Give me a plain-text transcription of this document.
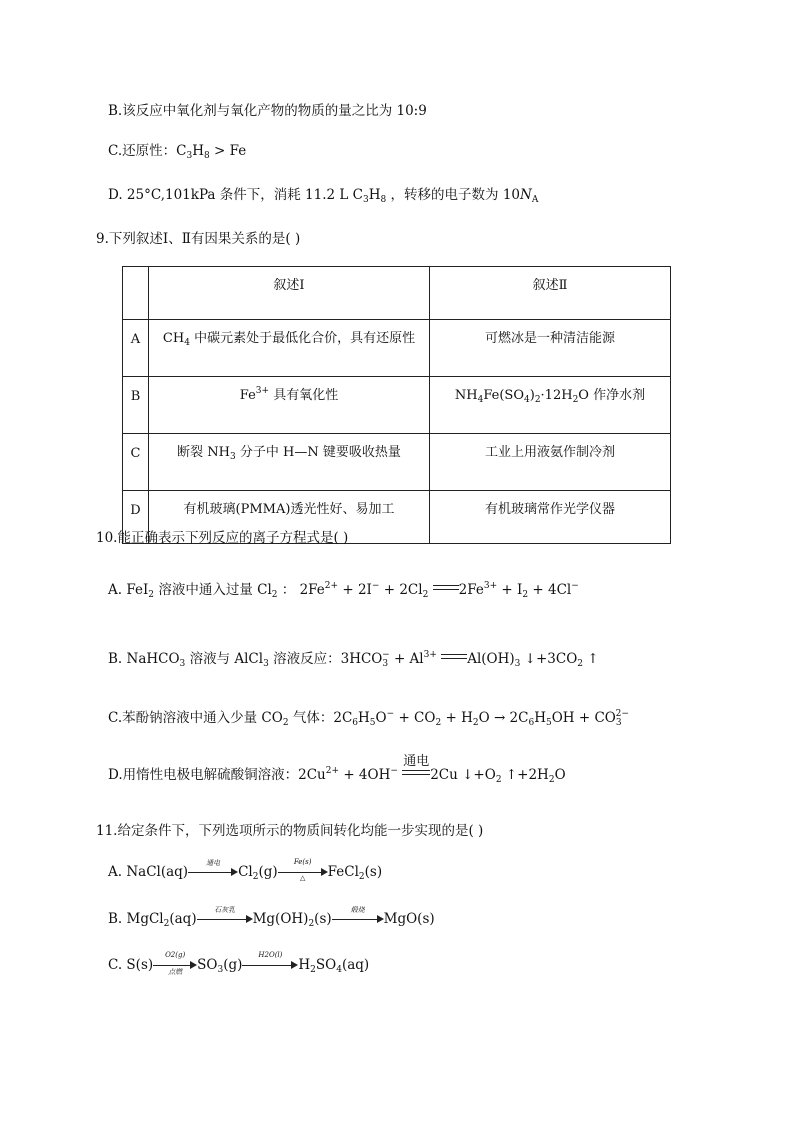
B.该反应中氧化剂与氧化产物的物质的量之比为 10:9
C.还原性：$C_3H_8 > Fe$
D. 25°C,101kPa 条件下，消耗 11.2 L $C_3H_8$ ，转移的电子数为 $10N_A$
9.下列叙述Ⅰ、Ⅱ有因果关系的是( )
	叙述Ⅰ	叙述Ⅱ
A	$CH_4$ 中碳元素处于最低化合价，具有还原性	可燃冰是一种清洁能源
B	$Fe^{3+}$ 具有氧化性	$NH_4Fe(SO_4)_2\cdot 12H_2O$ 作净水剂
C	断裂 $NH_3$ 分子中 H—N 键要吸收热量	工业上用液氨作制冷剂
D	有机玻璃(PMMA)透光性好、易加工	有机玻璃常作光学仪器
10.能正确表示下列反应的离子方程式是( )
A. FeI$_2$ 溶液中通入过量 $Cl_2$ ： $2Fe^{2+} + 2I^- + 2Cl_2$ $2Fe^{3+} + I_2 + 4Cl^-$
B. NaHCO$_3$ 溶液与 AlCl$_3$ 溶液反应：$3HCO_3^- + Al^{3+}$ $Al(OH)_3$ $↓+3CO_2$ ↑
C.苯酚钠溶液中通入少量 $CO_2$ 气体：$2C_6H_5O^- + CO_2 + H_2O \to 2C_6H_5OH + CO_3^{2-}$
D.用惰性电极电解硫酸铜溶液：$2Cu^{2+} + 4OH^-$
通电
2Cu $↓+O_2$ $↑+2H_2O$
11.给定条件下，下列选项所示的物质间转化均能一步实现的是( )
A. NaCl(aq)
通电
$Cl_2(g)$
Fe(s)
△	FeCl$_2$(s)
B. MgCl$_2$(aq)
石灰乳
$Mg(OH)_2(s)$
煅烧
MgO(s)
C. S(s)
O2(g)
点燃	$SO_3(g)$
H2O(l)
$H_2SO_4(aq)$
